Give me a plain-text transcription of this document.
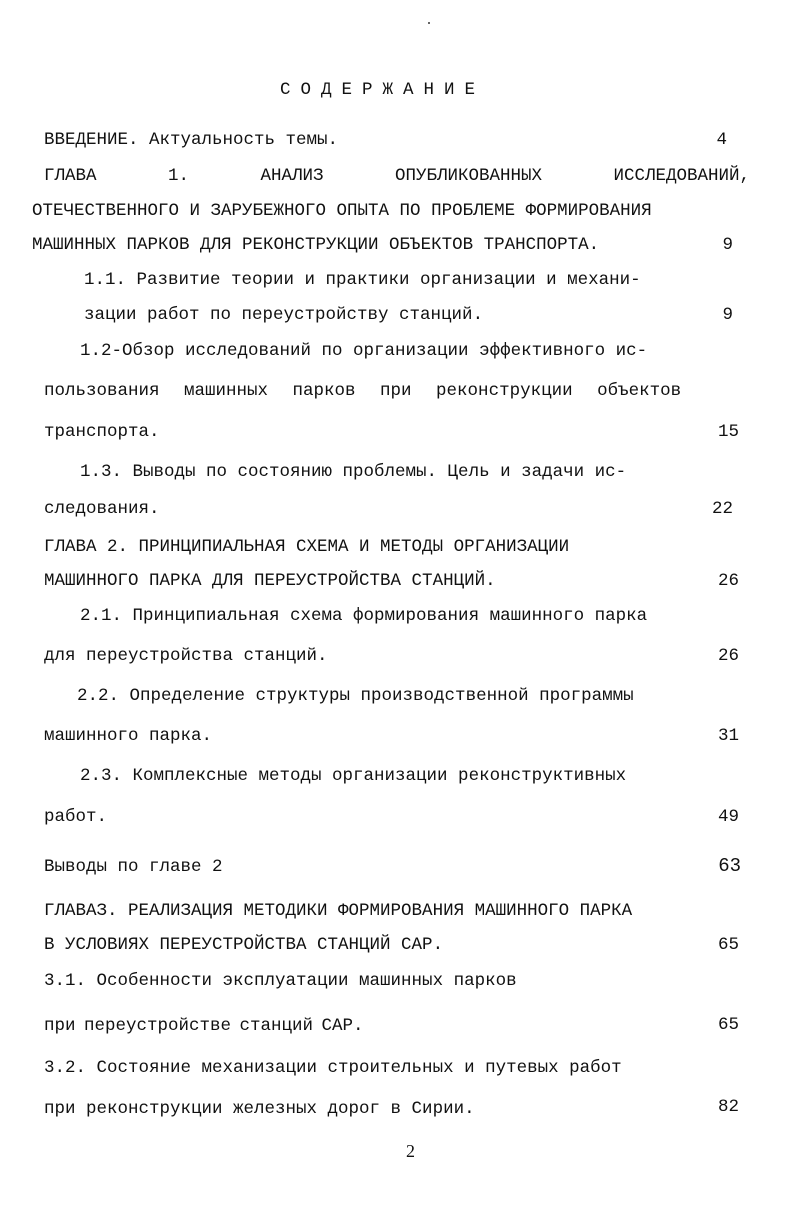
СОДЕРЖАНИЕ
ВВЕДЕНИЕ. Актуальность темы.	4
ГЛАВА	1.	АНАЛИЗ	ОПУБЛИКОВАННЫХ	ИССЛЕДОВАНИЙ,
ОТЕЧЕСТВЕННОГО И ЗАРУБЕЖНОГО ОПЫТА ПО ПРОБЛЕМЕ ФОРМИРОВАНИЯ
МАШИННЫХ ПАРКОВ ДЛЯ РЕКОНСТРУКЦИИ ОБЪЕКТОВ ТРАНСПОРТА.	9
1.1. Развитие теории и практики организации и механи-
зации работ по переустройству станций.	9
1.2-Обзор исследований по организации эффективного ис-
пользования машинных парков при реконструкции объектов
транспорта.	15
1.3. Выводы по состоянию проблемы. Цель и задачи ис-
следования.	22
ГЛАВА 2. ПРИНЦИПИАЛЬНАЯ СХЕМА И МЕТОДЫ ОРГАНИЗАЦИИ
МАШИННОГО ПАРКА ДЛЯ ПЕРЕУСТРОЙСТВА СТАНЦИЙ.	26
2.1. Принципиальная схема формирования машинного парка
для переустройства станций.	26
2.2. Определение структуры производственной программы
машинного парка.	31
2.3. Комплексные методы организации реконструктивных
работ.	49
Выводы по главе 2	63
ГЛАВАЗ. РЕАЛИЗАЦИЯ МЕТОДИКИ ФОРМИРОВАНИЯ МАШИННОГО ПАРКА
В УСЛОВИЯХ ПЕРЕУСТРОЙСТВА СТАНЦИЙ САР.	65
3.1. Особенности эксплуатации машинных парков
при переустройстве станций САР.	65
3.2. Состояние механизации строительных и путевых работ
при реконструкции железных дорог в Сирии.	82
2
